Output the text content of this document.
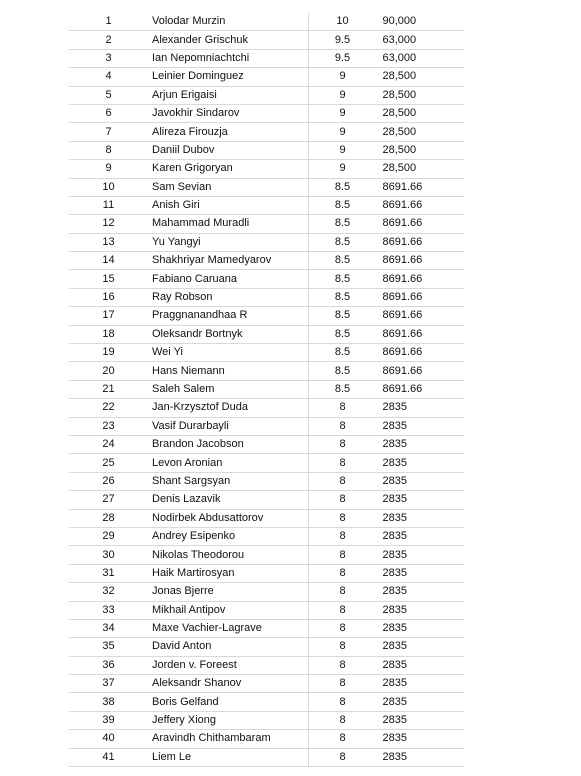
1	Volodar Murzin	10	90,000
2	Alexander Grischuk	9.5	63,000
3	Ian Nepomniachtchi	9.5	63,000
4	Leinier Dominguez	9	28,500
5	Arjun Erigaisi	9	28,500
6	Javokhir Sindarov	9	28,500
7	Alireza Firouzja	9	28,500
8	Daniil Dubov	9	28,500
9	Karen Grigoryan	9	28,500
10	Sam Sevian	8.5	8691.66
11	Anish Giri	8.5	8691.66
12	Mahammad Muradli	8.5	8691.66
13	Yu Yangyi	8.5	8691.66
14	Shakhriyar Mamedyarov	8.5	8691.66
15	Fabiano Caruana	8.5	8691.66
16	Ray Robson	8.5	8691.66
17	Praggnanandhaa R	8.5	8691.66
18	Oleksandr Bortnyk	8.5	8691.66
19	Wei Yi	8.5	8691.66
20	Hans Niemann	8.5	8691.66
21	Saleh Salem	8.5	8691.66
22	Jan-Krzysztof Duda	8	2835
23	Vasif Durarbayli	8	2835
24	Brandon Jacobson	8	2835
25	Levon Aronian	8	2835
26	Shant Sargsyan	8	2835
27	Denis Lazavik	8	2835
28	Nodirbek Abdusattorov	8	2835
29	Andrey Esipenko	8	2835
30	Nikolas Theodorou	8	2835
31	Haik Martirosyan	8	2835
32	Jonas Bjerre	8	2835
33	Mikhail Antipov	8	2835
34	Maxe Vachier-Lagrave	8	2835
35	David Anton	8	2835
36	Jorden v. Foreest	8	2835
37	Aleksandr Shanov	8	2835
38	Boris Gelfand	8	2835
39	Jeffery Xiong	8	2835
40	Aravindh Chithambaram	8	2835
41	Liem Le	8	2835
